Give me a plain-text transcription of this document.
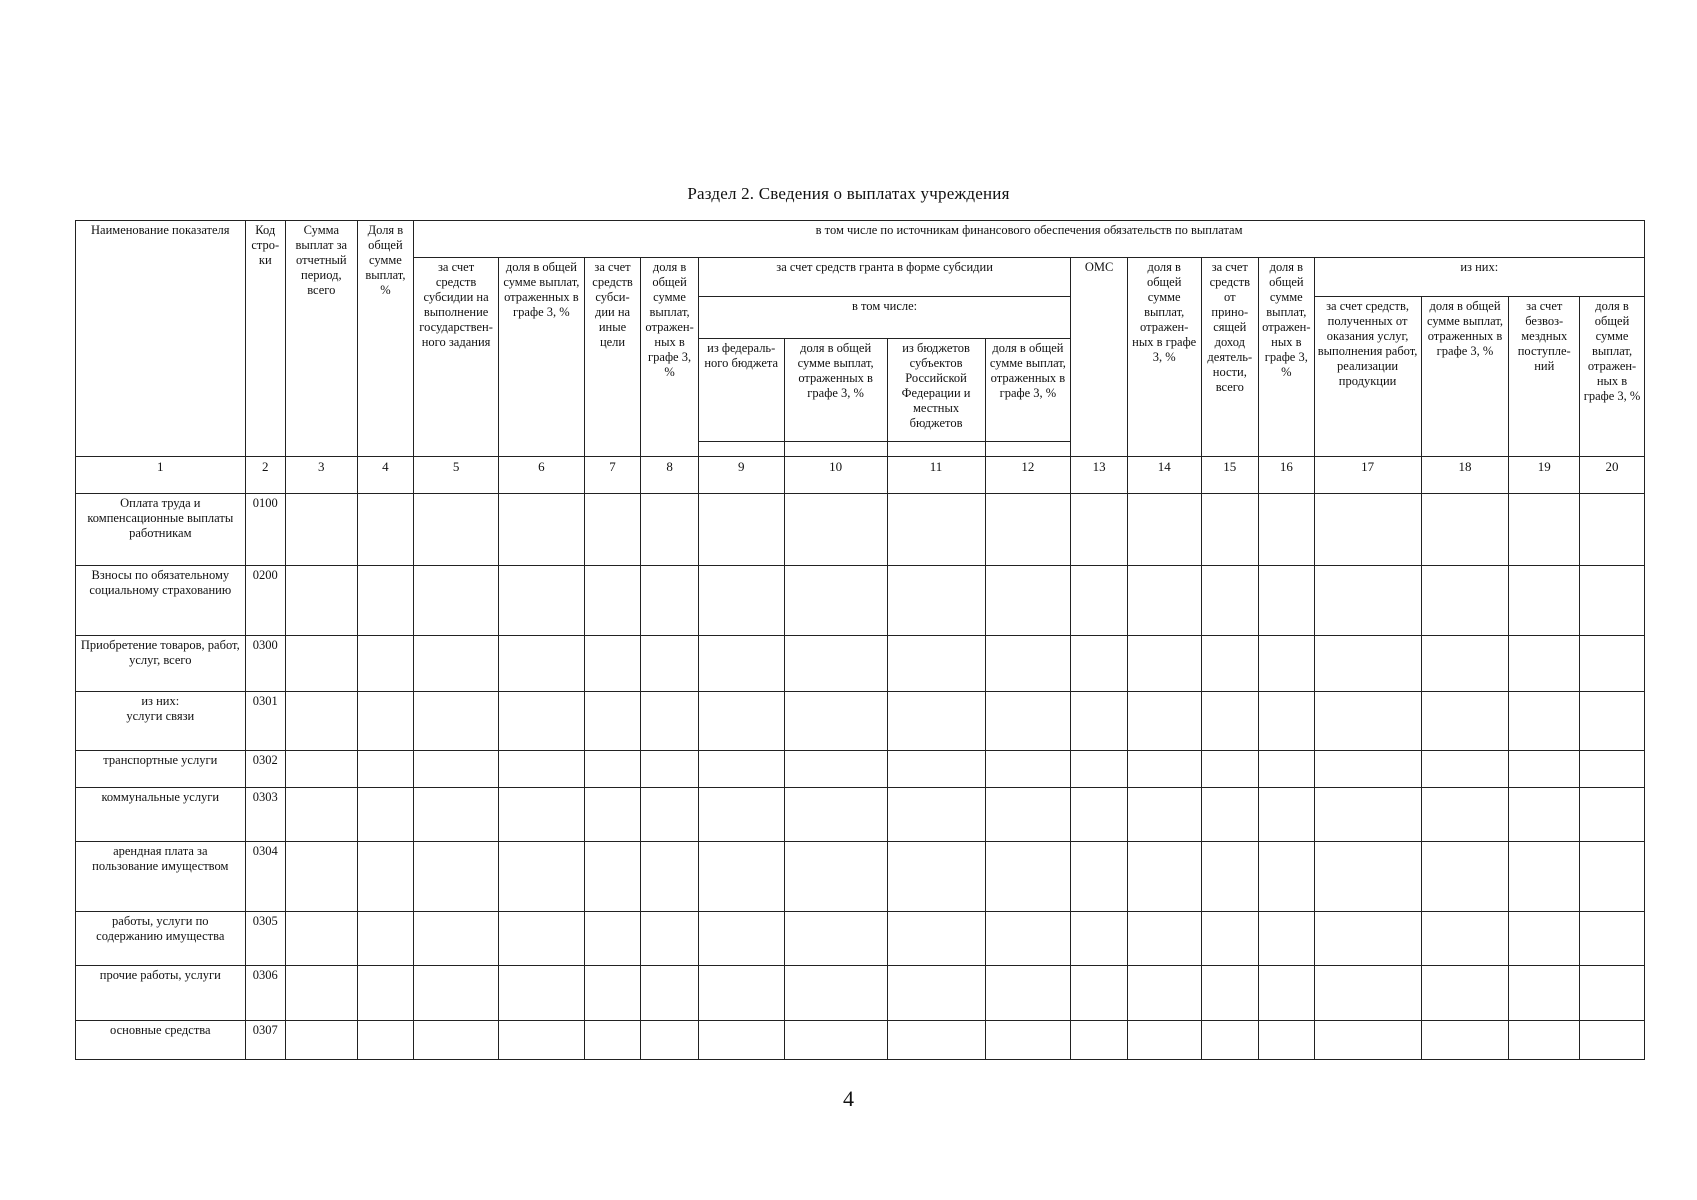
Раздел 2. Сведения о выплатах учреждения
Наименование показателя	Код стро-ки	Сумма выплат за отчетный период, всего	Доля в общей сумме выплат, %	в том числе по источникам финансового обеспечения обязательств по выплатам															
				за счет средств субсидии на выполнение государствен-ного задания	доля в общей сумме выплат, отраженных в графе 3, %	за счет средств субси-дии на иные цели	доля в общей сумме выплат, отражен-ных в графе 3, %	за счет средств гранта в форме субсидии				ОМС	доля в общей сумме выплат, отражен-ных в графе 3, %	за счет средств от прино-сящей доход деятель-ности, всего	доля в общей сумме выплат, отражен-ных в графе 3, %	из них:			
								в том числе:								за счет средств, полученных от оказания услуг, выполнения работ, реализации продукции	доля в общей сумме выплат, отраженных в графе 3, %	за счет безвоз-мездных поступле-ний	доля в общей сумме выплат, отражен-ных в графе 3, %
								из федераль-ного бюджета	доля в общей сумме выплат, отраженных в графе 3, %	из бюджетов субъектов Российской Федерации и местных бюджетов	доля в общей сумме выплат, отраженных в графе 3, %								

1	2	3	4	5	6	7	8	9	10	11	12	13	14	15	16	17	18	19	20
Оплата труда и компенсационные выплаты работникам	0100																		
Взносы по обязательному социальному страхованию	0200																		
Приобретение товаров, работ, услуг, всего	0300																		
из них:
услуги связи	0301																		
транспортные услуги	0302																		
коммунальные услуги	0303																		
арендная плата за пользование имуществом	0304																		
работы, услуги по содержанию имущества	0305																		
прочие работы, услуги	0306																		
основные средства	0307																		
4
